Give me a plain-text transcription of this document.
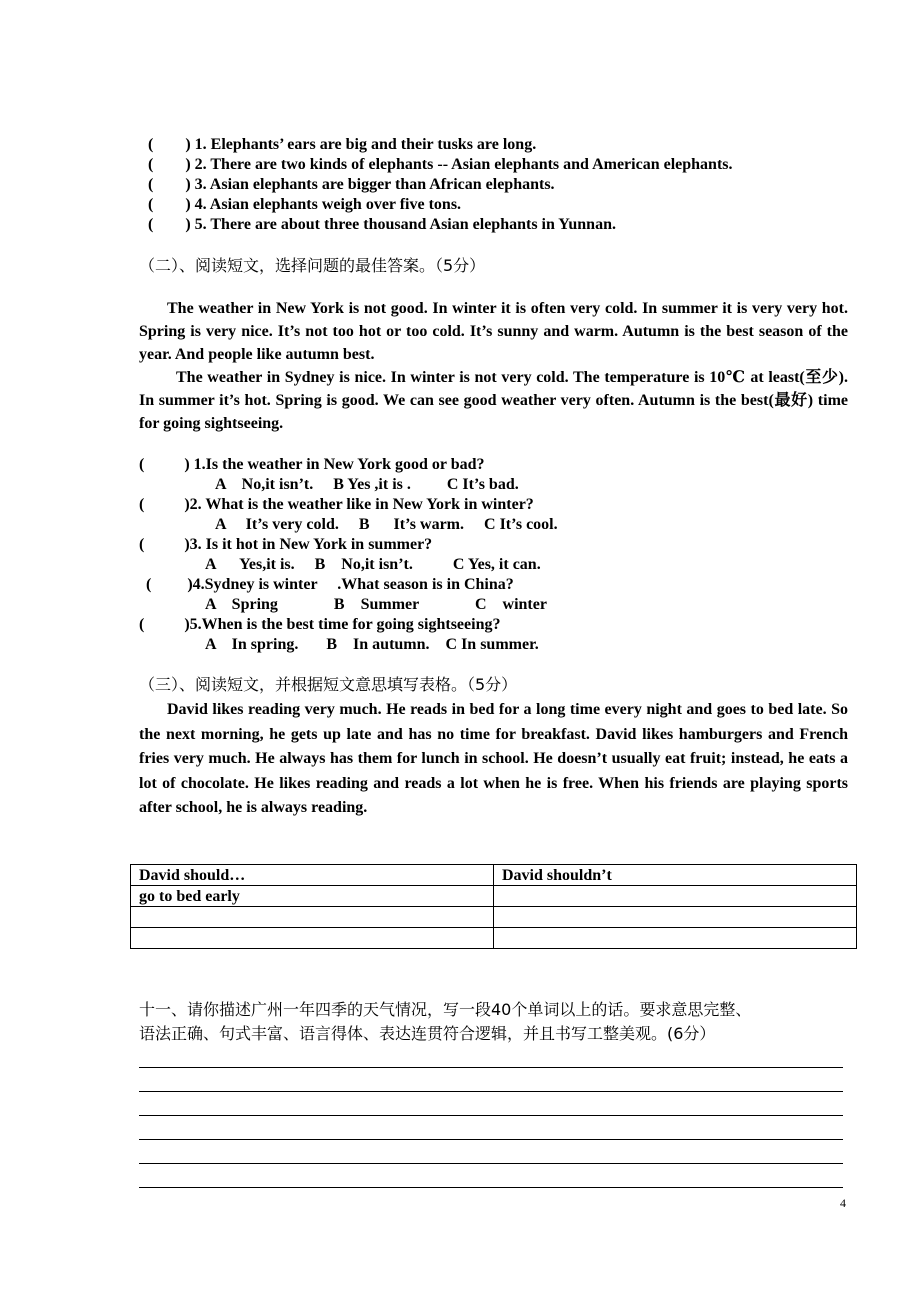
(　　) 1. Elephants’ ears are big and their tusks are long.
(　　) 2. There are two kinds of elephants -- Asian elephants and American elephants.
(　　) 3. Asian elephants are bigger than African elephants.
(　　) 4. Asian elephants weigh over five tons.
(　　) 5. There are about three thousand Asian elephants in Yunnan.
（二）、阅读短文，选择问题的最佳答案。（5分）
The weather in New York is not good. In winter it is often very cold. In summer it is very very hot. Spring is very nice. It’s not too hot or too cold. It’s sunny and warm. Autumn is the best season of the year. And people like autumn best.
The weather in Sydney is nice. In winter is not very cold. The temperature is 10℃ at least(至少). In summer it’s hot. Spring is good. We can see good weather very often. Autumn is the best(最好) time for going sightseeing.
(          ) 1.Is the weather in New York good or bad?
A    No,it isn’t.     B Yes ,it is .         C It’s bad.
(          )2. What is the weather like in New York in winter?
A     It’s very cold.     B      It’s warm.     C It’s cool.
(          )3. Is it hot in New York in summer?
A      Yes,it is.     B    No,it isn’t.          C Yes, it can.
(         )4.Sydney is winter     .What season is in China?
A    Spring              B    Summer              C    winter
(          )5.When is the best time for going sightseeing?
A    In spring.       B    In autumn.    C In summer.
（三）、阅读短文，并根据短文意思填写表格。（5分）
David likes reading very much. He reads in bed for a long time every night and goes to bed late. So the next morning, he gets up late and has no time for breakfast. David likes hamburgers and French fries very much. He always has them for lunch in school. He doesn’t usually eat fruit; instead, he eats a lot of chocolate. He likes reading and reads a lot when he is free. When his friends are playing sports after school, he is always reading.
David should…	David shouldn’t
go to bed early	

十一、请你描述广州一年四季的天气情况，写一段40个单词以上的话。要求意思完整、
语法正确、句式丰富、语言得体、表达连贯符合逻辑，并且书写工整美观。(6分）
4
